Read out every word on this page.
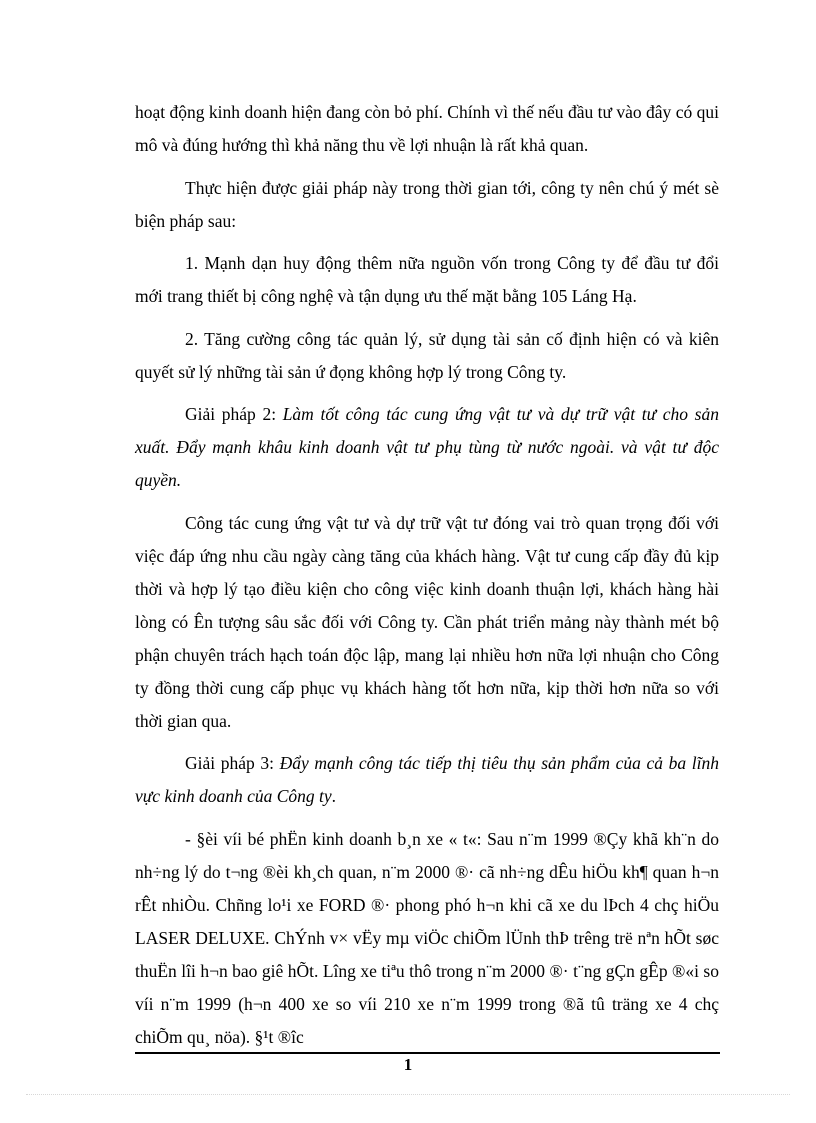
hoạt động kinh doanh hiện đang còn bỏ phí. Chính vì thế nếu đầu tư vào đây có qui mô và đúng hướng thì khả năng thu về lợi nhuận là rất khả quan.

Thực hiện được giải pháp này trong thời gian tới, công ty nên chú ý mét sè biện pháp sau:

1. Mạnh dạn huy động thêm nữa nguồn vốn trong Công ty để đầu tư đổi mới trang thiết bị công nghệ và tận dụng ưu thế mặt bằng 105 Láng Hạ.

2. Tăng cường công tác quản lý, sử dụng tài sản cố định hiện có và kiên quyết sử lý những tài sản ứ đọng không hợp lý trong Công ty.

Giải pháp 2: Làm tốt công tác cung ứng vật tư và dự trữ vật tư cho sản xuất. Đẩy mạnh khâu kinh doanh vật tư phụ tùng từ nước ngoài. và vật tư độc quyền.

Công tác cung ứng vật tư và dự trữ vật tư đóng vai trò quan trọng đối với việc đáp ứng nhu cầu ngày càng tăng của khách hàng. Vật tư cung cấp đầy đủ kịp thời và hợp lý tạo điều kiện cho công việc kinh doanh thuận lợi, khách hàng hài lòng có Ên tượng sâu sắc đối với Công ty. Cần phát triển mảng này thành mét bộ phận chuyên trách hạch toán độc lập, mang lại nhiều hơn nữa lợi nhuận cho Công ty đồng thời cung cấp phục vụ khách hàng tốt hơn nữa, kịp thời hơn nữa so với thời gian qua.

Giải pháp 3: Đẩy mạnh công tác tiếp thị tiêu thụ sản phẩm của cả ba lĩnh vực kinh doanh của Công ty.

- §èi víi bé phËn kinh doanh b¸n xe « t«: Sau n¨m 1999 ®Çy khã kh¨n do nh÷ng lý do t¬ng ®èi kh¸ch quan, n¨m 2000 ®· cã nh÷ng dÊu hiÖu kh¶ quan h¬n rÊt nhiÒu. Chñng lo¹i xe FORD ®· phong phó h¬n khi cã xe du lÞch 4 chç hiÖu LASER DELUXE. ChÝnh v× vËy mµ viÖc chiÕm lÜnh thÞ trêng trë nªn hÕt søc thuËn lîi h¬n bao giê hÕt. Lîng xe tiªu thô trong n¨m 2000 ®· t¨ng gÇn gÊp ®«i so víi n¨m 1999 (h¬n 400 xe so víi 210 xe n¨m 1999 trong ®ã tû träng xe 4 chç chiÕm qu¸ nöa). §¹t ®îc

1
